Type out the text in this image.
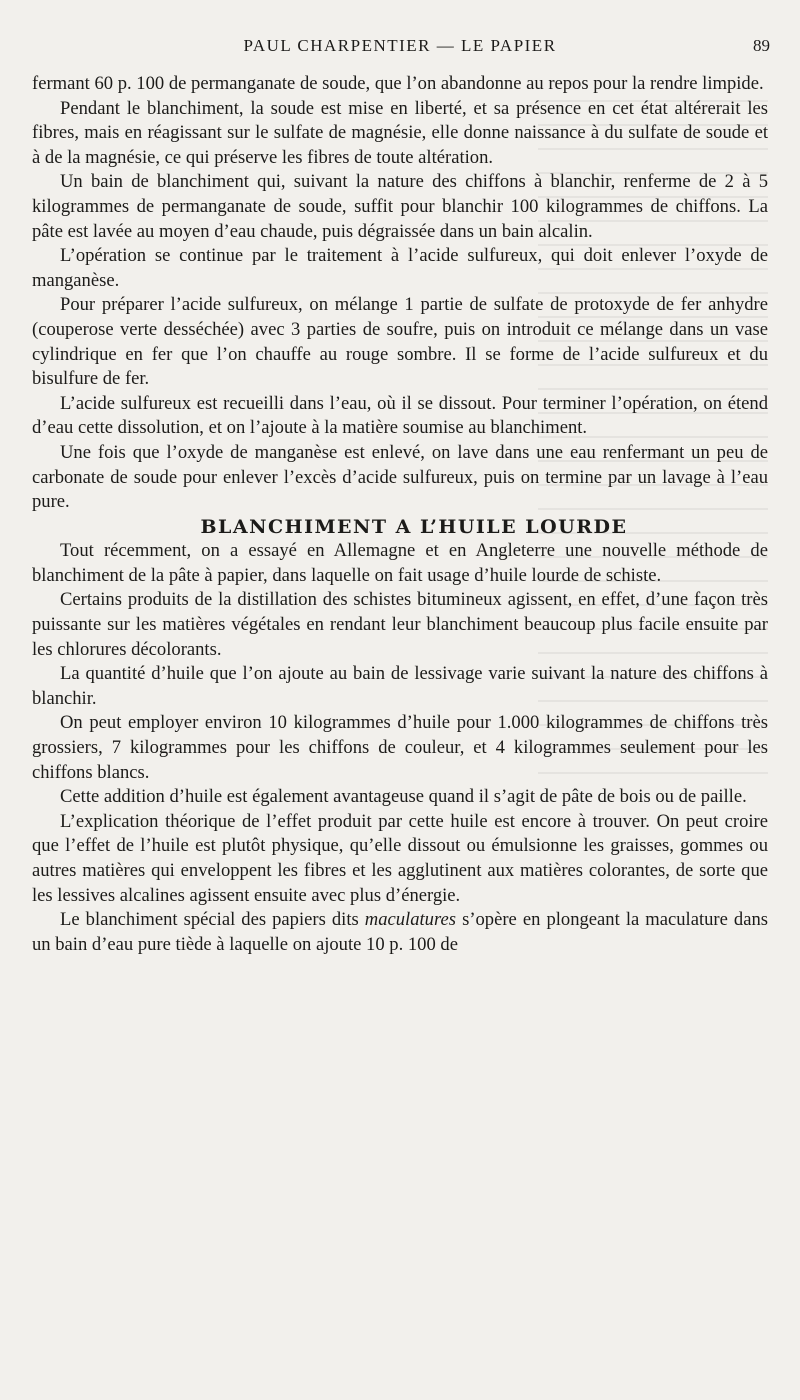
PAUL CHARPENTIER — LE PAPIER	89

fermant 60 p. 100 de permanganate de soude, que l’on abandonne au repos pour la rendre limpide.

Pendant le blanchiment, la soude est mise en liberté, et sa présence en cet état altérerait les fibres, mais en réagissant sur le sulfate de magnésie, elle donne naissance à du sulfate de soude et à de la magnésie, ce qui préserve les fibres de toute altération.

Un bain de blanchiment qui, suivant la nature des chiffons à blanchir, renferme de 2 à 5 kilogrammes de permanganate de soude, suffit pour blanchir 100 kilogrammes de chiffons. La pâte est lavée au moyen d’eau chaude, puis dégraissée dans un bain alcalin.

L’opération se continue par le traitement à l’acide sulfureux, qui doit enlever l’oxyde de manganèse.

Pour préparer l’acide sulfureux, on mélange 1 partie de sulfate de protoxyde de fer anhydre (couperose verte desséchée) avec 3 parties de soufre, puis on introduit ce mélange dans un vase cylindrique en fer que l’on chauffe au rouge sombre. Il se forme de l’acide sulfureux et du bisulfure de fer.

L’acide sulfureux est recueilli dans l’eau, où il se dissout. Pour terminer l’opération, on étend d’eau cette dissolution, et on l’ajoute à la matière soumise au blanchiment.

Une fois que l’oxyde de manganèse est enlevé, on lave dans une eau renfermant un peu de carbonate de soude pour enlever l’excès d’acide sulfureux, puis on termine par un lavage à l’eau pure.

BLANCHIMENT A L’HUILE LOURDE

Tout récemment, on a essayé en Allemagne et en Angleterre une nouvelle méthode de blanchiment de la pâte à papier, dans laquelle on fait usage d’huile lourde de schiste.

Certains produits de la distillation des schistes bitumineux agissent, en effet, d’une façon très puissante sur les matières végétales en rendant leur blanchiment beaucoup plus facile ensuite par les chlorures décolorants.

La quantité d’huile que l’on ajoute au bain de lessivage varie suivant la nature des chiffons à blanchir.

On peut employer environ 10 kilogrammes d’huile pour 1.000 kilogrammes de chiffons très grossiers, 7 kilogrammes pour les chiffons de couleur, et 4 kilogrammes seulement pour les chiffons blancs.

Cette addition d’huile est également avantageuse quand il s’agit de pâte de bois ou de paille.

L’explication théorique de l’effet produit par cette huile est encore à trouver. On peut croire que l’effet de l’huile est plutôt physique, qu’elle dissout ou émulsionne les graisses, gommes ou autres matières qui enveloppent les fibres et les agglutinent aux matières colorantes, de sorte que les lessives alcalines agissent ensuite avec plus d’énergie.

Le blanchiment spécial des papiers dits maculatures s’opère en plongeant la maculature dans un bain d’eau pure tiède à laquelle on ajoute 10 p. 100 de
